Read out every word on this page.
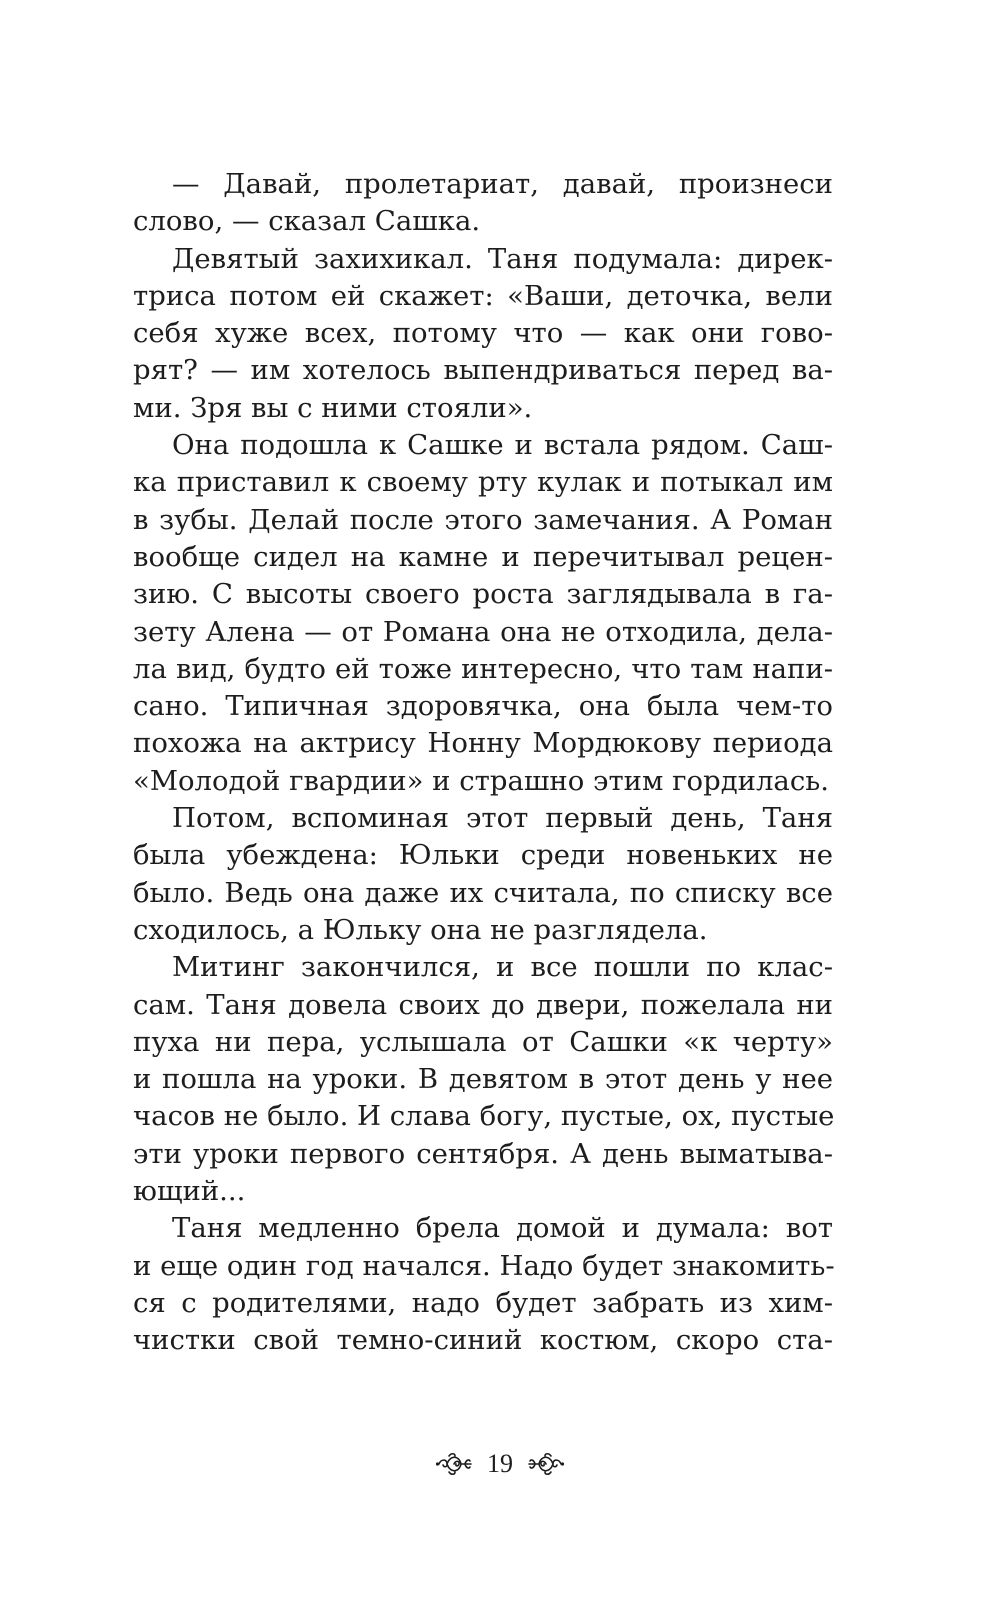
— Давай, пролетариат, давай, произнеси
слово, — сказал Сашка.

Девятый захихикал. Таня подумала: дирек-
триса потом ей скажет: «Ваши, деточка, вели
себя хуже всех, потому что — как они гово-
рят? — им хотелось выпендриваться перед ва-
ми. Зря вы с ними стояли».

Она подошла к Сашке и встала рядом. Саш-
ка приставил к своему рту кулак и потыкал им
в зубы. Делай после этого замечания. А Роман
вообще сидел на камне и перечитывал рецен-
зию. С высоты своего роста заглядывала в га-
зету Алена — от Романа она не отходила, дела-
ла вид, будто ей тоже интересно, что там напи-
сано. Типичная здоровячка, она была чем-то
похожа на актрису Нонну Мордюкову периода
«Молодой гвардии» и страшно этим гордилась.

Потом, вспоминая этот первый день, Таня
была убеждена: Юльки среди новеньких не
было. Ведь она даже их считала, по списку все
сходилось, а Юльку она не разглядела.

Митинг закончился, и все пошли по клас-
сам. Таня довела своих до двери, пожелала ни
пуха ни пера, услышала от Сашки «к черту»
и пошла на уроки. В девятом в этот день у нее
часов не было. И слава богу, пустые, ох, пустые
эти уроки первого сентября. А день выматыва-
ющий...

Таня медленно брела домой и думала: вот
и еще один год начался. Надо будет знакомить-
ся с родителями, надо будет забрать из хим-
чистки свой темно-синий костюм, скоро ста-

19
